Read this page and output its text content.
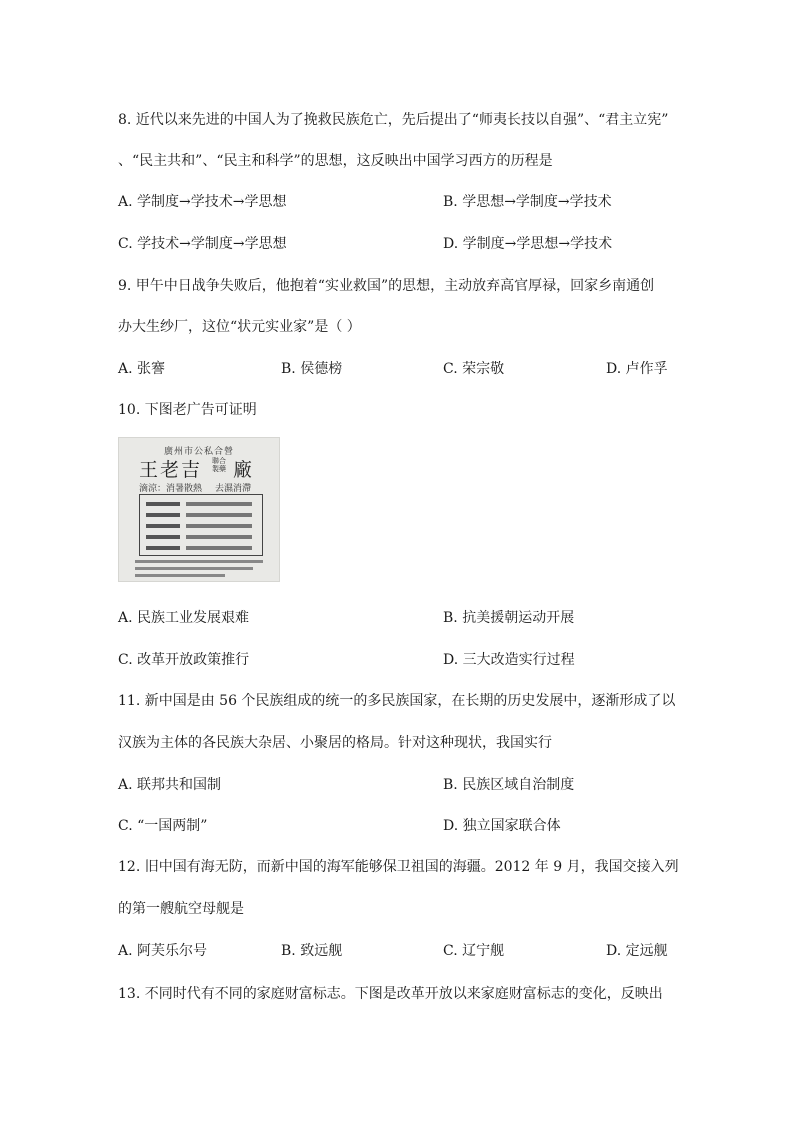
8. 近代以来先进的中国人为了挽救民族危亡，先后提出了“师夷长技以自强”、“君主立宪”
、“民主共和”、“民主和科学”的思想，这反映出中国学习西方的历程是
A. 学制度→学技术→学思想	B. 学思想→学制度→学技术
C. 学技术→学制度→学思想	D. 学制度→学思想→学技术
9. 甲午中日战争失败后，他抱着“实业救国”的思想，主动放弃高官厚禄，回家乡南通创
办大生纱厂，这位“状元实业家”是（ ）
A. 张謇	B. 侯德榜	C. 荣宗敬	D. 卢作孚
10. 下图老广告可证明
廣州市公私合營
王老吉 聯合製藥 廠
滴涼：消暑散熱 去濕消滯
A. 民族工业发展艰难	B. 抗美援朝运动开展
C. 改革开放政策推行	D. 三大改造实行过程
11. 新中国是由 56 个民族组成的统一的多民族国家，在长期的历史发展中，逐渐形成了以
汉族为主体的各民族大杂居、小聚居的格局。针对这种现状，我国实行
A. 联邦共和国制	B. 民族区域自治制度
C. “一国两制”	D. 独立国家联合体
12. 旧中国有海无防，而新中国的海军能够保卫祖国的海疆。2012 年 9 月，我国交接入列
的第一艘航空母舰是
A. 阿芙乐尔号	B. 致远舰	C. 辽宁舰	D. 定远舰
13. 不同时代有不同的家庭财富标志。下图是改革开放以来家庭财富标志的变化，反映出
